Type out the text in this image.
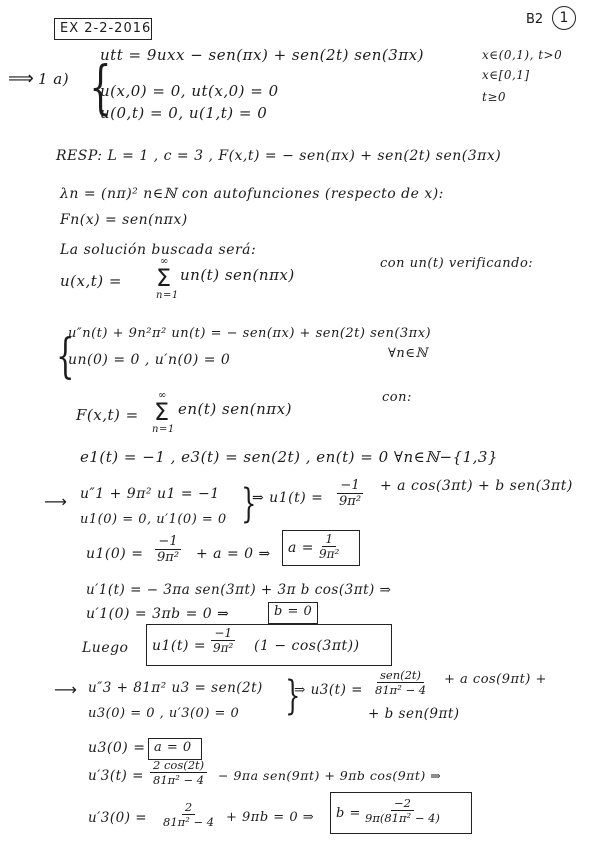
EX 2-2-2016
B2	1
⟹ 1 a) {
utt = 9uxx − sen(πx) + sen(2t) sen(3πx)	x∈(0,1), t>0
u(x,0) = 0, ut(x,0) = 0
x∈[0,1]
u(0,t) = 0, u(1,t) = 0
t≥0
RESP: L = 1 , c = 3 , F(x,t) = − sen(πx) + sen(2t) sen(3πx)
λn = (nπ)² n∈ℕ con autofunciones (respecto de x):
Fn(x) = sen(nπx)
La solución buscada será:
u(x,t) =
∞
Σ
n=1
un(t) sen(nπx)
con un(t) verificando:
{
u″n(t) + 9n²π² un(t) = − sen(πx) + sen(2t) sen(3πx)
un(0) = 0 , u′n(0) = 0	∀n∈ℕ
F(x,t) =
∞
Σ
n=1
en(t) sen(nπx)
con:
e1(t) = −1 , e3(t) = sen(2t) , en(t) = 0 ∀n∈ℕ−{1,3}
⟶ u″1 + 9π² u1 = −1
u1(0) = 0, u′1(0) = 0 }
⇒ $u1(t) = \frac{-1}{\text{9π²}} + a$ cos(3πt) + b sen(3πt)
$u1(0) = \frac{-1}{\text{9π²}} + a = 0$ ⇒ $a = \frac{1}{\text{9π²}}$
u′1(t) = − 3πa sen(3πt) + 3π b cos(3πt) ⇒
u′1(0) = 3πb = 0 ⇒	b = 0
Luego $u1(t) = \frac{-1}{\text{9π²}} (1 - \cos(3\pi t))$
⟶ u″3 + 81π² u3 = sen(2t)
u3(0) = 0 , u′3(0) = 0 }
⇒ u3(t) =
sen(2t)
81π² − 4
+ a cos(9πt) +
+ b sen(9πt)
u3(0) = a = 0
$u'3(t) = \frac{2 \cos(2t)}{\text{81π² − 4}} - 9\pi a$ sen(9πt) + 9πb cos(9πt) ⇒
$u'3(0) = \frac{2}{\text{81π² − 4}} + 9\pi b = 0$ ⇒ $b = \frac{-2}{\text{9π(81π² − 4)}}$
